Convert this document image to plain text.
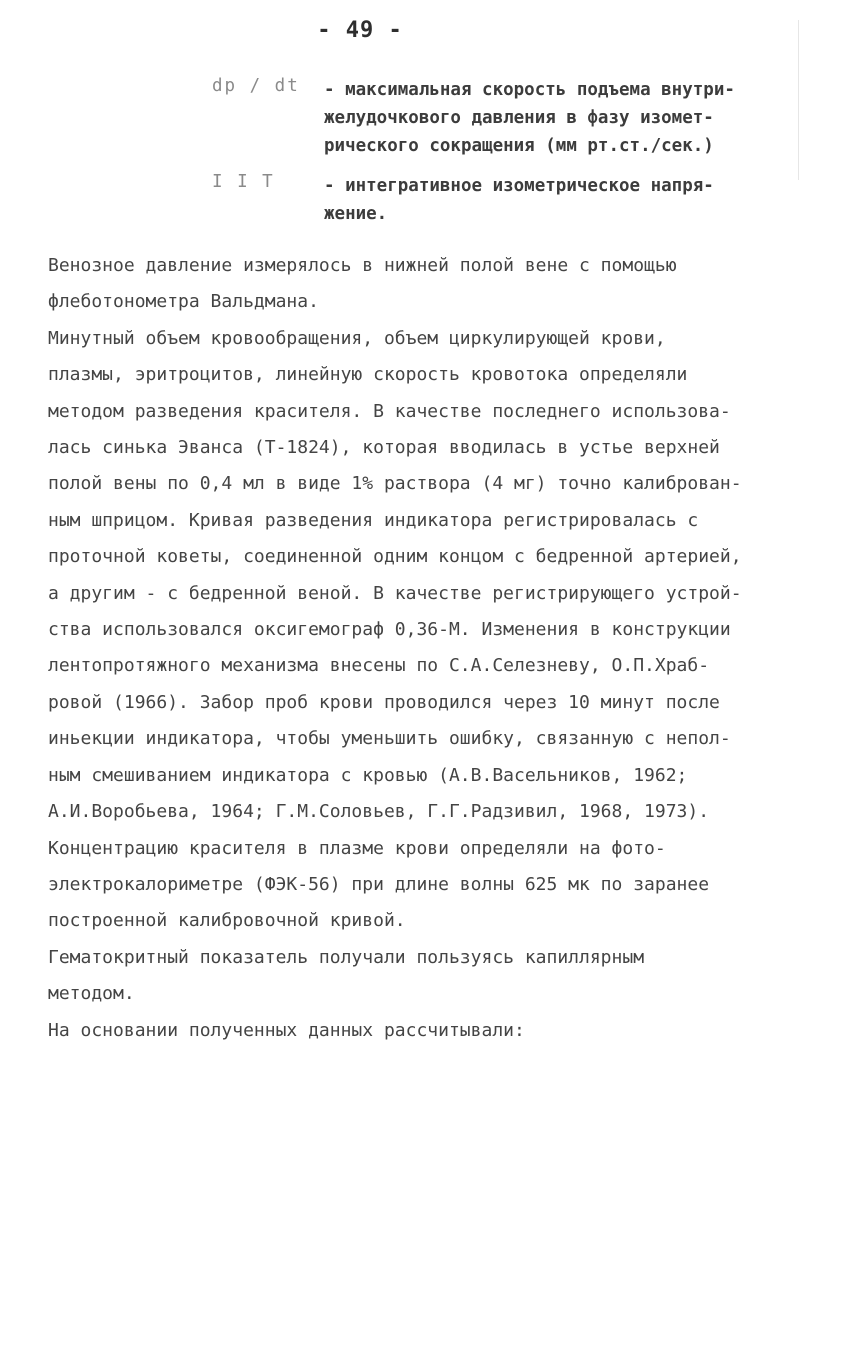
- 49 -
dp / dt - максимальная скорость подъема внутри-
желудочкового давления в фазу изомет-
рического сокращения (мм рт.ст./сек.)
I I T	- интегративное изометрическое напря-
жение.

Венозное давление измерялось в нижней полой вене с помощью
флеботонометра Вальдмана.

Минутный объем кровообращения, объем циркулирующей крови,
плазмы, эритроцитов, линейную скорость кровотока определяли
методом разведения красителя. В качестве последнего использова-
лась синька Эванса (Т-1824), которая вводилась в устье верхней
полой вены по 0,4 мл в виде 1% раствора (4 мг) точно калиброван-
ным шприцом. Кривая разведения индикатора регистрировалась с
проточной коветы, соединенной одним концом с бедренной артерией,
а другим - с бедренной веной. В качестве регистрирующего устрой-
ства использовался оксигемограф 0,36-М. Изменения в конструкции
лентопротяжного механизма внесены по С.А.Селезневу, О.П.Храб-
ровой (1966). Забор проб крови проводился через 10 минут после
иньекции индикатора, чтобы уменьшить ошибку, связанную с непол-
ным смешиванием индикатора с кровью (А.В.Васельников, 1962;
А.И.Воробьева, 1964; Г.М.Соловьев, Г.Г.Радзивил, 1968, 1973).

Концентрацию красителя в плазме крови определяли на фото-
электрокалориметре (ФЭК-56) при длине волны 625 мк по заранее
построенной калибровочной кривой.

Гематокритный показатель получали пользуясь капиллярным
методом.

На основании полученных данных рассчитывали:
